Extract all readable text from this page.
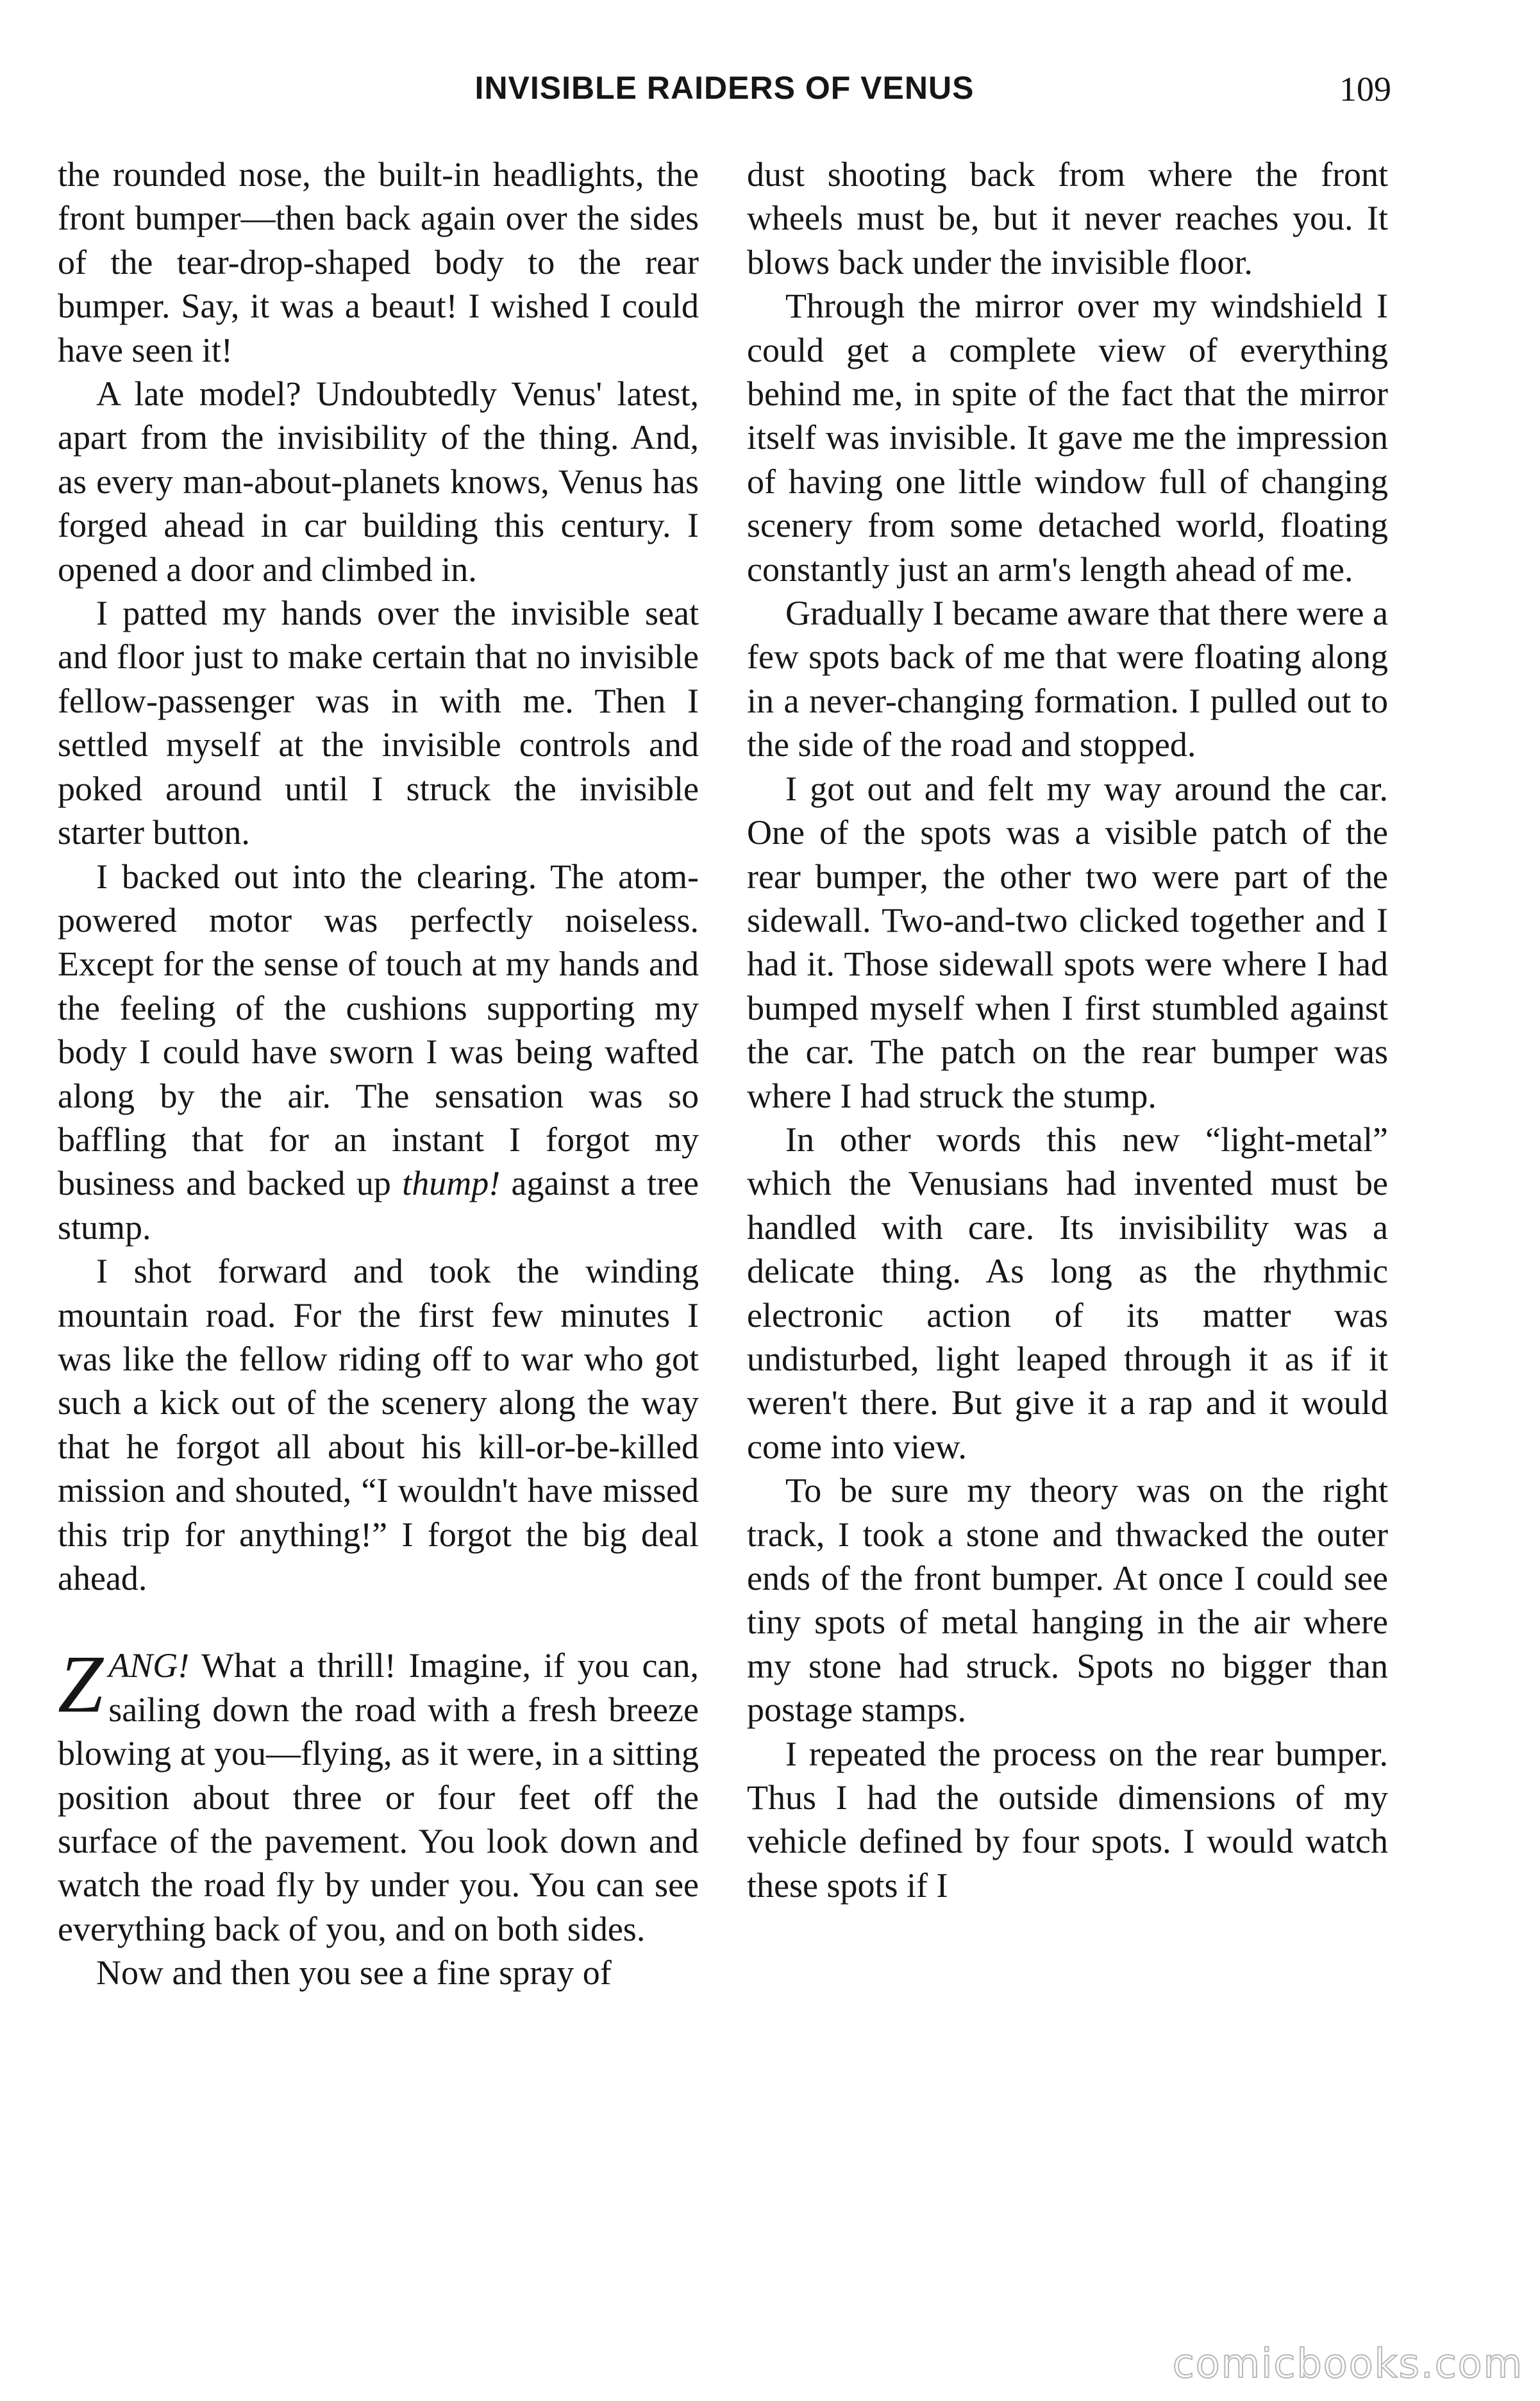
INVISIBLE RAIDERS OF VENUS	109

the rounded nose, the built-in headlights, the front bumper—then back again over the sides of the tear-drop-shaped body to the rear bumper. Say, it was a beaut! I wished I could have seen it!

A late model? Undoubtedly Venus' latest, apart from the invisibility of the thing. And, as every man-about-planets knows, Venus has forged ahead in car building this century. I opened a door and climbed in.

I patted my hands over the invisible seat and floor just to make certain that no invisible fellow-passenger was in with me. Then I settled myself at the invisible controls and poked around until I struck the invisible starter button.

I backed out into the clearing. The atom-powered motor was perfectly noiseless. Except for the sense of touch at my hands and the feeling of the cushions supporting my body I could have sworn I was being wafted along by the air. The sensation was so baffling that for an instant I forgot my business and backed up thump! against a tree stump.

I shot forward and took the winding mountain road. For the first few minutes I was like the fellow riding off to war who got such a kick out of the scenery along the way that he forgot all about his kill-or-be-killed mission and shouted, “I wouldn't have missed this trip for anything!” I forgot the big deal ahead.

ZANG! What a thrill! Imagine, if you can, sailing down the road with a fresh breeze blowing at you—flying, as it were, in a sitting position about three or four feet off the surface of the pavement. You look down and watch the road fly by under you. You can see everything back of you, and on both sides.

Now and then you see a fine spray of

dust shooting back from where the front wheels must be, but it never reaches you. It blows back under the invisible floor.

Through the mirror over my windshield I could get a complete view of everything behind me, in spite of the fact that the mirror itself was invisible. It gave me the impression of having one little window full of changing scenery from some detached world, floating constantly just an arm's length ahead of me.

Gradually I became aware that there were a few spots back of me that were floating along in a never-changing formation. I pulled out to the side of the road and stopped.

I got out and felt my way around the car. One of the spots was a visible patch of the rear bumper, the other two were part of the sidewall. Two-and-two clicked together and I had it. Those sidewall spots were where I had bumped myself when I first stumbled against the car. The patch on the rear bumper was where I had struck the stump.

In other words this new “light-metal” which the Venusians had invented must be handled with care. Its invisibility was a delicate thing. As long as the rhythmic electronic action of its matter was undisturbed, light leaped through it as if it weren't there. But give it a rap and it would come into view.

To be sure my theory was on the right track, I took a stone and thwacked the outer ends of the front bumper. At once I could see tiny spots of metal hanging in the air where my stone had struck. Spots no bigger than postage stamps.

I repeated the process on the rear bumper. Thus I had the outside dimensions of my vehicle defined by four spots. I would watch these spots if I

comicbooks.com
